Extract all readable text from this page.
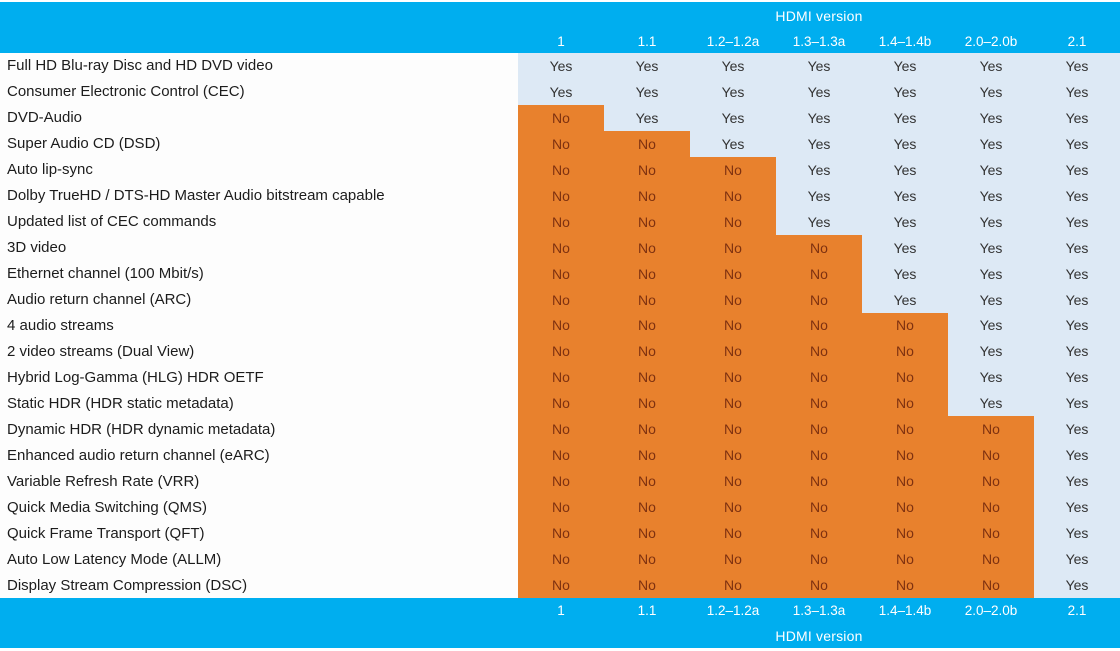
HDMI version
1	1.1	1.2–1.2a	1.3–1.3a	1.4–1.4b	2.0–2.0b	2.1
Full HD Blu-ray Disc and HD DVD video	Yes	Yes	Yes	Yes	Yes	Yes	Yes
Consumer Electronic Control (CEC)	Yes	Yes	Yes	Yes	Yes	Yes	Yes
DVD-Audio	No	Yes	Yes	Yes	Yes	Yes	Yes
Super Audio CD (DSD)	No	No	Yes	Yes	Yes	Yes	Yes
Auto lip-sync	No	No	No	Yes	Yes	Yes	Yes
Dolby TrueHD / DTS-HD Master Audio bitstream capable	No	No	No	Yes	Yes	Yes	Yes
Updated list of CEC commands	No	No	No	Yes	Yes	Yes	Yes
3D video	No	No	No	No	Yes	Yes	Yes
Ethernet channel (100 Mbit/s)	No	No	No	No	Yes	Yes	Yes
Audio return channel (ARC)	No	No	No	No	Yes	Yes	Yes
4 audio streams	No	No	No	No	No	Yes	Yes
2 video streams (Dual View)	No	No	No	No	No	Yes	Yes
Hybrid Log-Gamma (HLG) HDR OETF	No	No	No	No	No	Yes	Yes
Static HDR (HDR static metadata)	No	No	No	No	No	Yes	Yes
Dynamic HDR (HDR dynamic metadata)	No	No	No	No	No	No	Yes
Enhanced audio return channel (eARC)	No	No	No	No	No	No	Yes
Variable Refresh Rate (VRR)	No	No	No	No	No	No	Yes
Quick Media Switching (QMS)	No	No	No	No	No	No	Yes
Quick Frame Transport (QFT)	No	No	No	No	No	No	Yes
Auto Low Latency Mode (ALLM)	No	No	No	No	No	No	Yes
Display Stream Compression (DSC)	No	No	No	No	No	No	Yes
1	1.1	1.2–1.2a	1.3–1.3a	1.4–1.4b	2.0–2.0b	2.1
HDMI version
